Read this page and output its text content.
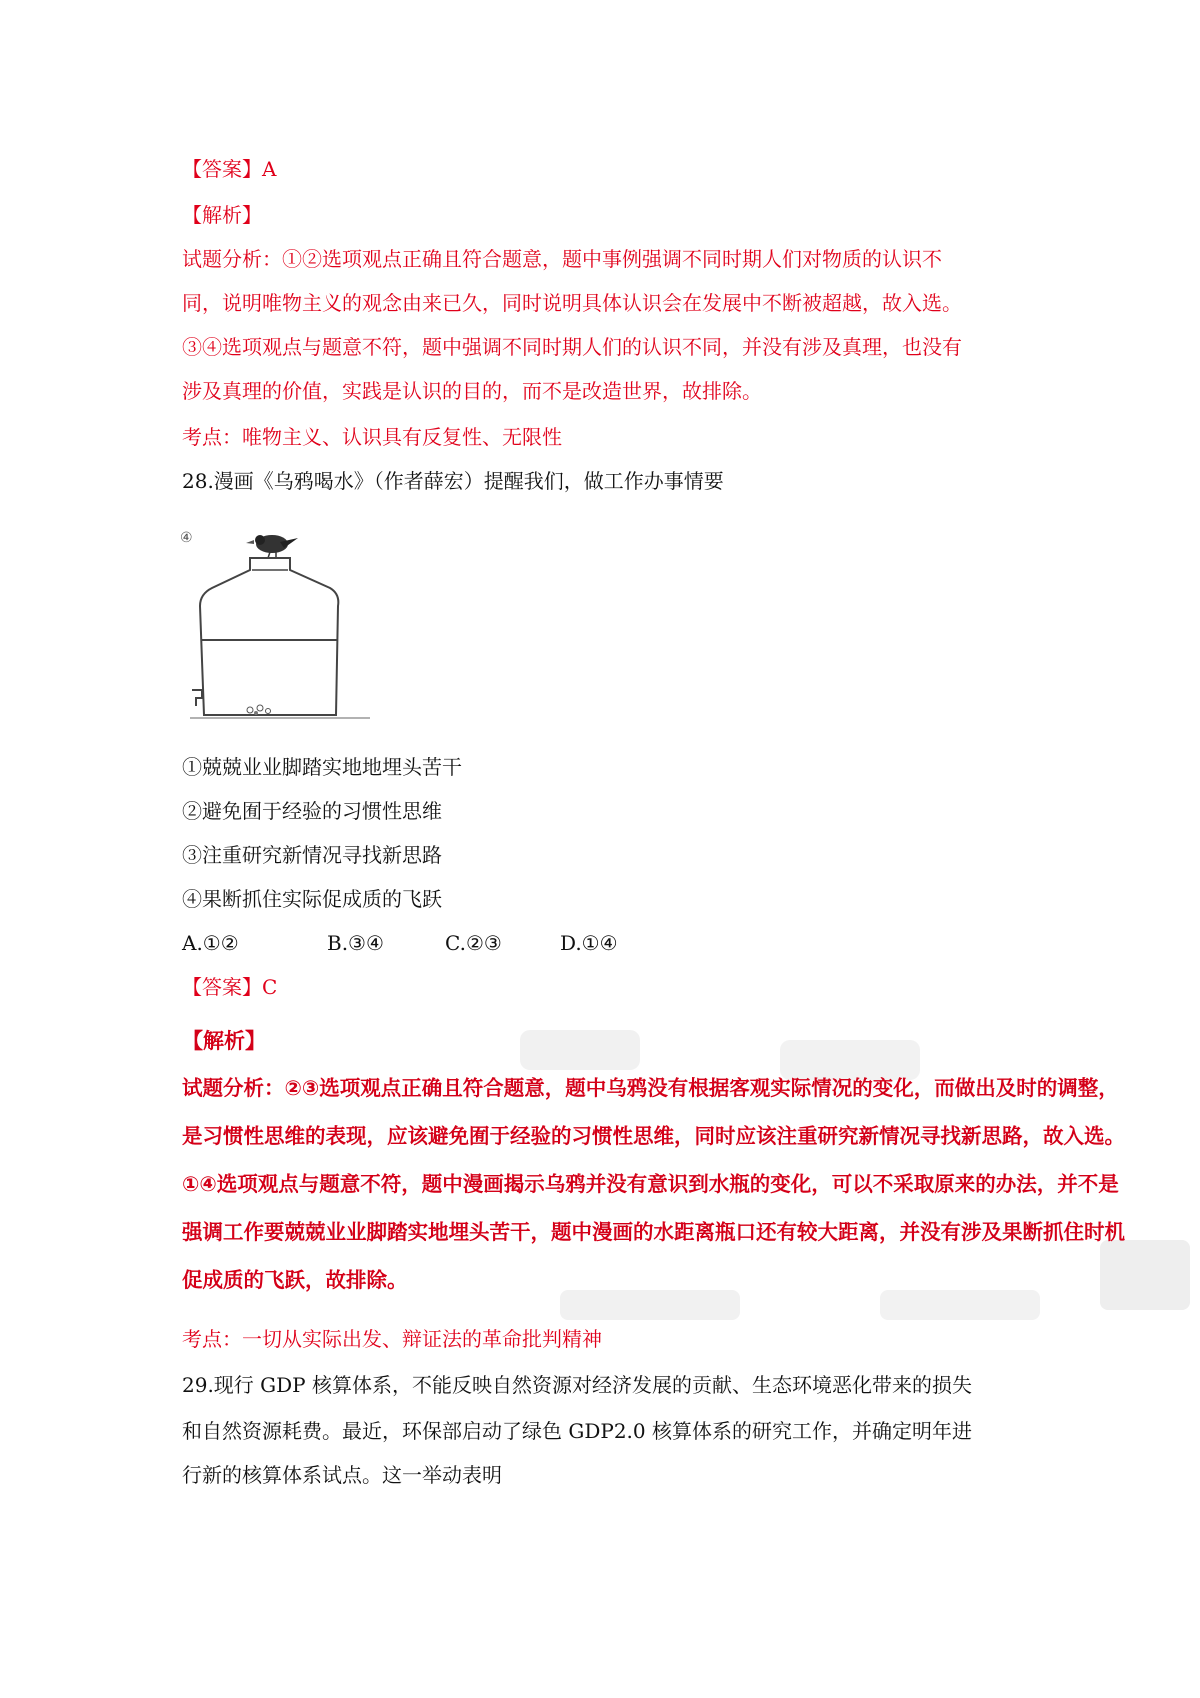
【答案】A
【解析】
试题分析：①②选项观点正确且符合题意，题中事例强调不同时期人们对物质的认识不
同，说明唯物主义的观念由来已久，同时说明具体认识会在发展中不断被超越，故入选。
③④选项观点与题意不符，题中强调不同时期人们的认识不同，并没有涉及真理，也没有
涉及真理的价值，实践是认识的目的，而不是改造世界，故排除。
考点：唯物主义、认识具有反复性、无限性
28.漫画《乌鸦喝水》（作者薛宏）提醒我们，做工作办事情要
④
①兢兢业业脚踏实地地埋头苦干
②避免囿于经验的习惯性思维
③注重研究新情况寻找新思路
④果断抓住实际促成质的飞跃
A.①②	B.③④	C.②③	D.①④
【答案】C
【解析】
试题分析：②③选项观点正确且符合题意，题中乌鸦没有根据客观实际情况的变化，而做出及时的调整，
是习惯性思维的表现，应该避免囿于经验的习惯性思维，同时应该注重研究新情况寻找新思路，故入选。
①④选项观点与题意不符，题中漫画揭示乌鸦并没有意识到水瓶的变化，可以不采取原来的办法，并不是
强调工作要兢兢业业脚踏实地埋头苦干，题中漫画的水距离瓶口还有较大距离，并没有涉及果断抓住时机
促成质的飞跃，故排除。
考点：一切从实际出发、辩证法的革命批判精神
29.现行 GDP 核算体系，不能反映自然资源对经济发展的贡献、生态环境恶化带来的损失
和自然资源耗费。最近，环保部启动了绿色 GDP2.0 核算体系的研究工作，并确定明年进
行新的核算体系试点。这一举动表明
